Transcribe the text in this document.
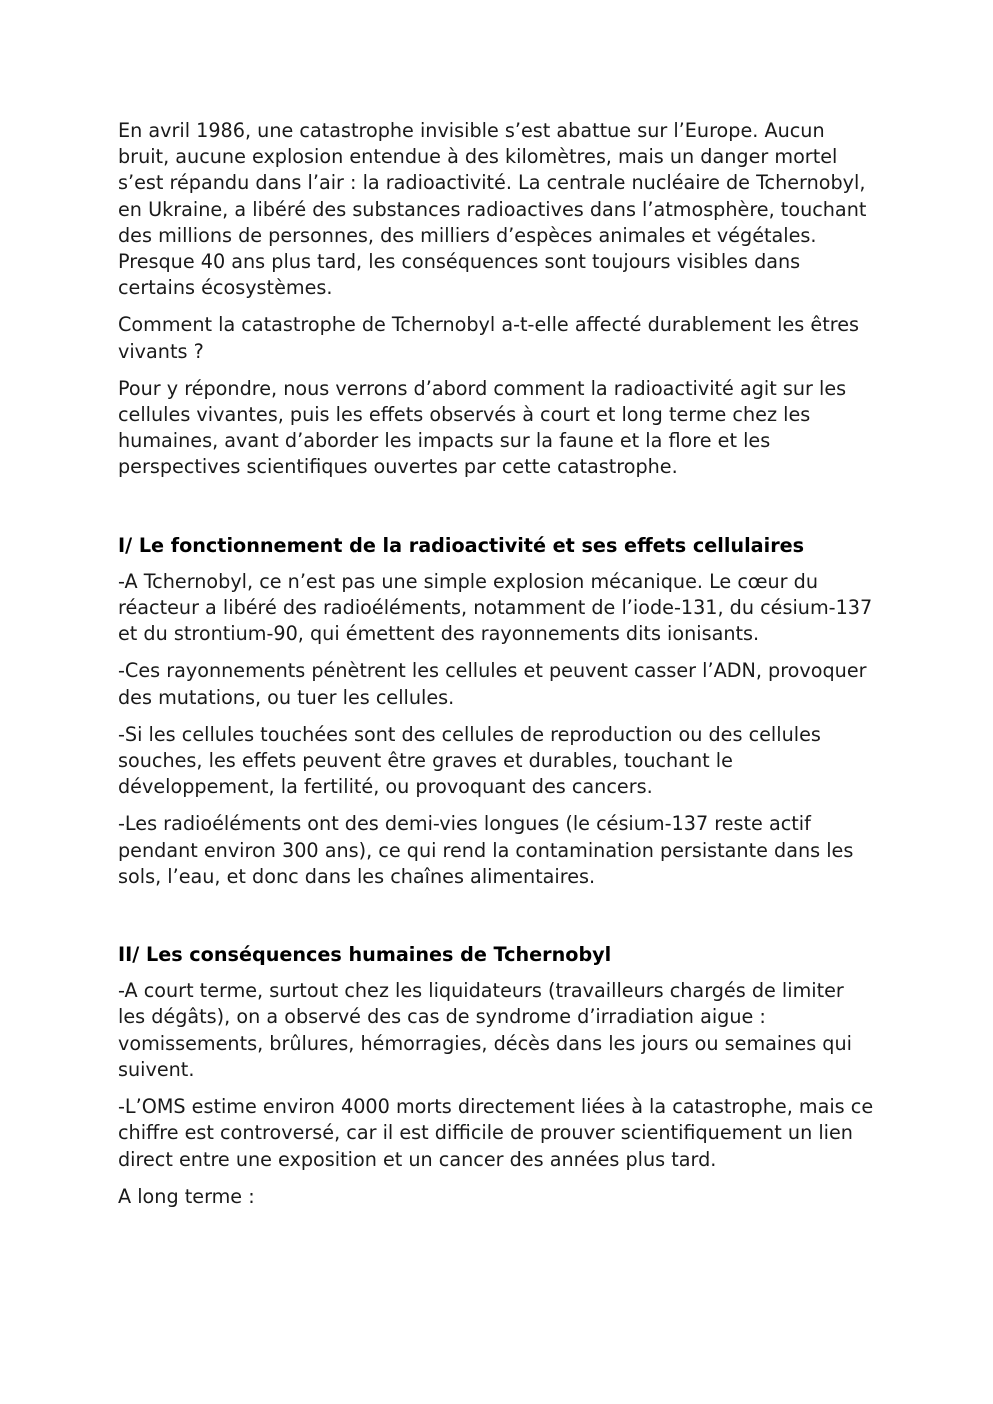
En avril 1986, une catastrophe invisible s’est abattue sur l’Europe. Aucun bruit, aucune explosion entendue à des kilomètres, mais un danger mortel s’est répandu dans l’air : la radioactivité. La centrale nucléaire de Tchernobyl, en Ukraine, a libéré des substances radioactives dans l’atmosphère, touchant des millions de personnes, des milliers d’espèces animales et végétales. Presque 40 ans plus tard, les conséquences sont toujours visibles dans certains écosystèmes.

Comment la catastrophe de Tchernobyl a-t-elle affecté durablement les êtres vivants ?

Pour y répondre, nous verrons d’abord comment la radioactivité agit sur les cellules vivantes, puis les effets observés à court et long terme chez les humaines, avant d’aborder les impacts sur la faune et la flore et les perspectives scientifiques ouvertes par cette catastrophe.

I/ Le fonctionnement de la radioactivité et ses effets cellulaires

-A Tchernobyl, ce n’est pas une simple explosion mécanique. Le cœur du réacteur a libéré des radioéléments, notamment de l’iode-131, du césium-137 et du strontium-90, qui émettent des rayonnements dits ionisants.

-Ces rayonnements pénètrent les cellules et peuvent casser l’ADN, provoquer des mutations, ou tuer les cellules.

-Si les cellules touchées sont des cellules de reproduction ou des cellules souches, les effets peuvent être graves et durables, touchant le développement, la fertilité, ou provoquant des cancers.

-Les radioéléments ont des demi-vies longues (le césium-137 reste actif pendant environ 300 ans), ce qui rend la contamination persistante dans les sols, l’eau, et donc dans les chaînes alimentaires.

II/ Les conséquences humaines de Tchernobyl

-A court terme, surtout chez les liquidateurs (travailleurs chargés de limiter les dégâts), on a observé des cas de syndrome d’irradiation aigue : vomissements, brûlures, hémorragies, décès dans les jours ou semaines qui suivent.

-L’OMS estime environ 4000 morts directement liées à la catastrophe, mais ce chiffre est controversé, car il est difficile de prouver scientifiquement un lien direct entre une exposition et un cancer des années plus tard.

A long terme :
